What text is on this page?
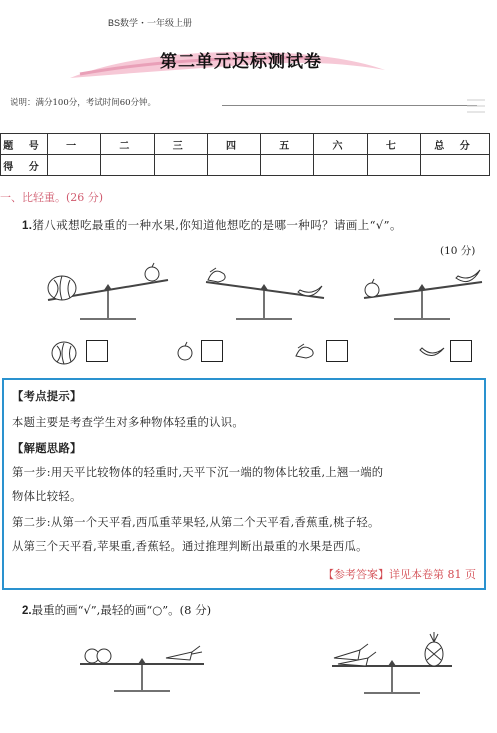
BS数学・一年级上册
第二单元达标测试卷
说明：满分100分，考试时间60分钟。
题 号	一	二	三	四	五	六	七	总 分
得 分								
一、比轻重。(26 分)
1.猪八戒想吃最重的一种水果,你知道他想吃的是哪一种吗？请画上“√”。
(10 分)
【考点提示】
本题主要是考查学生对多种物体轻重的认识。
【解题思路】
第一步:用天平比较物体的轻重时,天平下沉一端的物体比较重,上翘一端的
物体比较轻。
第二步:从第一个天平看,西瓜重苹果轻,从第二个天平看,香蕉重,桃子轻。
从第三个天平看,苹果重,香蕉轻。通过推理判断出最重的水果是西瓜。
【参考答案】详见本卷第 81 页
2.最重的画“√”,最轻的画“○”。(8 分)
